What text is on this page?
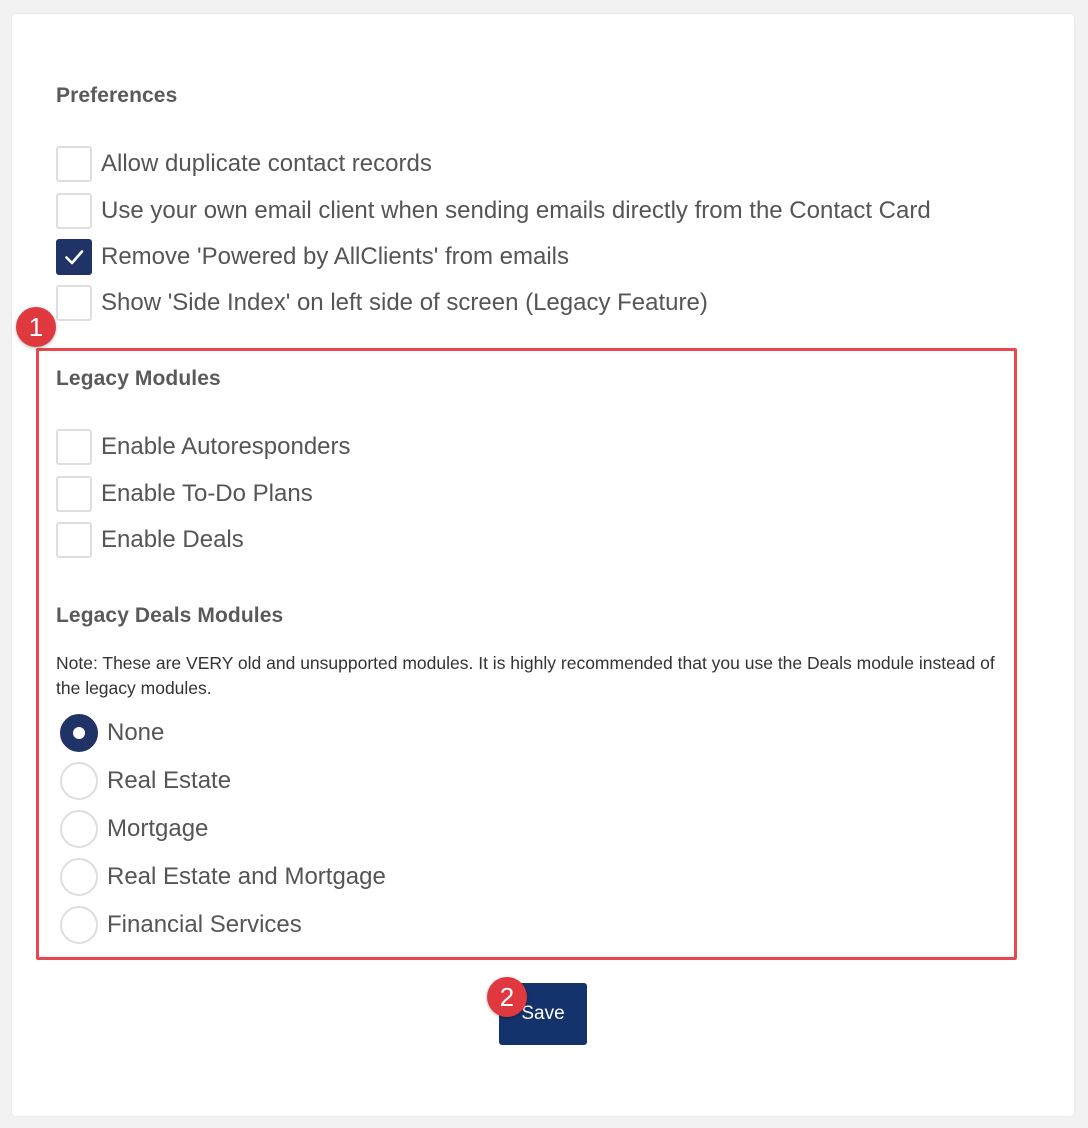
Preferences
Allow duplicate contact records
Use your own email client when sending emails directly from the Contact Card
Remove 'Powered by AllClients' from emails
Show 'Side Index' on left side of screen (Legacy Feature)
1
Legacy Modules
Enable Autoresponders
Enable To-Do Plans
Enable Deals
Legacy Deals Modules
Note: These are VERY old and unsupported modules. It is highly recommended that you use the Deals module instead of the legacy modules.
None
Real Estate
Mortgage
Real Estate and Mortgage
Financial Services
Save
2
